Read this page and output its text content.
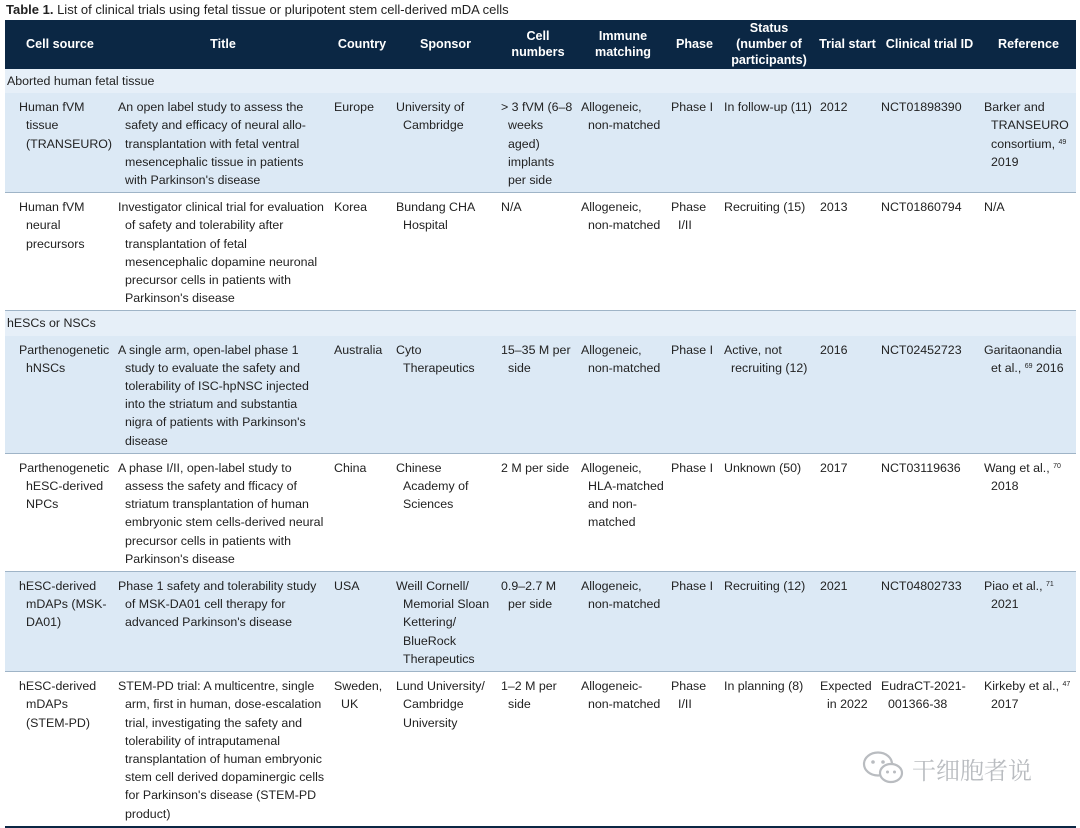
Table 1. List of clinical trials using fetal tissue or pluripotent stem cell-derived mDA cells
Cell source	Title	Country	Sponsor	Cell numbers	Immune matching	Phase	Status (number of participants)	Trial start	Clinical trial ID	Reference
Aborted human fetal tissue										

Human fVM tissue (TRANSEURO)	An open label study to assess the safety and efficacy of neural allo-transplantation with fetal ventral mesencephalic tissue in patients with Parkinson's disease	Europe	University of Cambridge	> 3 fVM (6–8 weeks aged) implants per side	Allogeneic, non-matched	Phase I	In follow-up (11)	2012	NCT01898390	Barker and TRANSEURO consortium, $^{49}$ 2019

Human fVM neural precursors	Investigator clinical trial for evaluation of safety and tolerability after transplantation of fetal mesencephalic dopamine neuronal precursor cells in patients with Parkinson's disease	Korea	Bundang CHA Hospital	N/A	Allogeneic, non-matched	Phase I/II	Recruiting (15)	2013	NCT01860794	N/A

hESCs or NSCs										

Parthenogenetic hNSCs	A single arm, open-label phase 1 study to evaluate the safety and tolerability of ISC-hpNSC injected into the striatum and substantia nigra of patients with Parkinson's disease	Australia	Cyto Therapeutics	15–35 M per side	Allogeneic, non-matched	Phase I	Active, not recruiting (12)	2016	NCT02452723	Garitaonandia et al., $^{69}$ 2016

Parthenogenetic hESC-derived NPCs	A phase I/II, open-label study to assess the safety and fficacy of striatum transplantation of human embryonic stem cells-derived neural precursor cells in patients with Parkinson's disease	China	Chinese Academy of Sciences	2 M per side	Allogeneic, HLA-matched and non-matched	Phase I	Unknown (50)	2017	NCT03119636	Wang et al., $^{70}$ 2018

hESC-derived mDAPs (MSK-DA01)	Phase 1 safety and tolerability study of MSK-DA01 cell therapy for advanced Parkinson's disease	USA	Weill Cornell/ Memorial Sloan Kettering/ BlueRock Therapeutics	0.9–2.7 M per side	Allogeneic, non-matched	Phase I	Recruiting (12)	2021	NCT04802733	Piao et al., $^{71}$ 2021

hESC-derived mDAPs (STEM-PD)	STEM-PD trial: A multicentre, single arm, first in human, dose-escalation trial, investigating the safety and tolerability of intraputamenal transplantation of human embryonic stem cell derived dopaminergic cells for Parkinson's disease (STEM-PD product)	Sweden, UK	Lund University/ Cambridge University	1–2 M per side	Allogeneic- non-matched	Phase I/II	In planning (8)	Expected in 2022	EudraCT-2021-001366-38	Kirkeby et al., $^{47}$ 2017
干细胞者说
